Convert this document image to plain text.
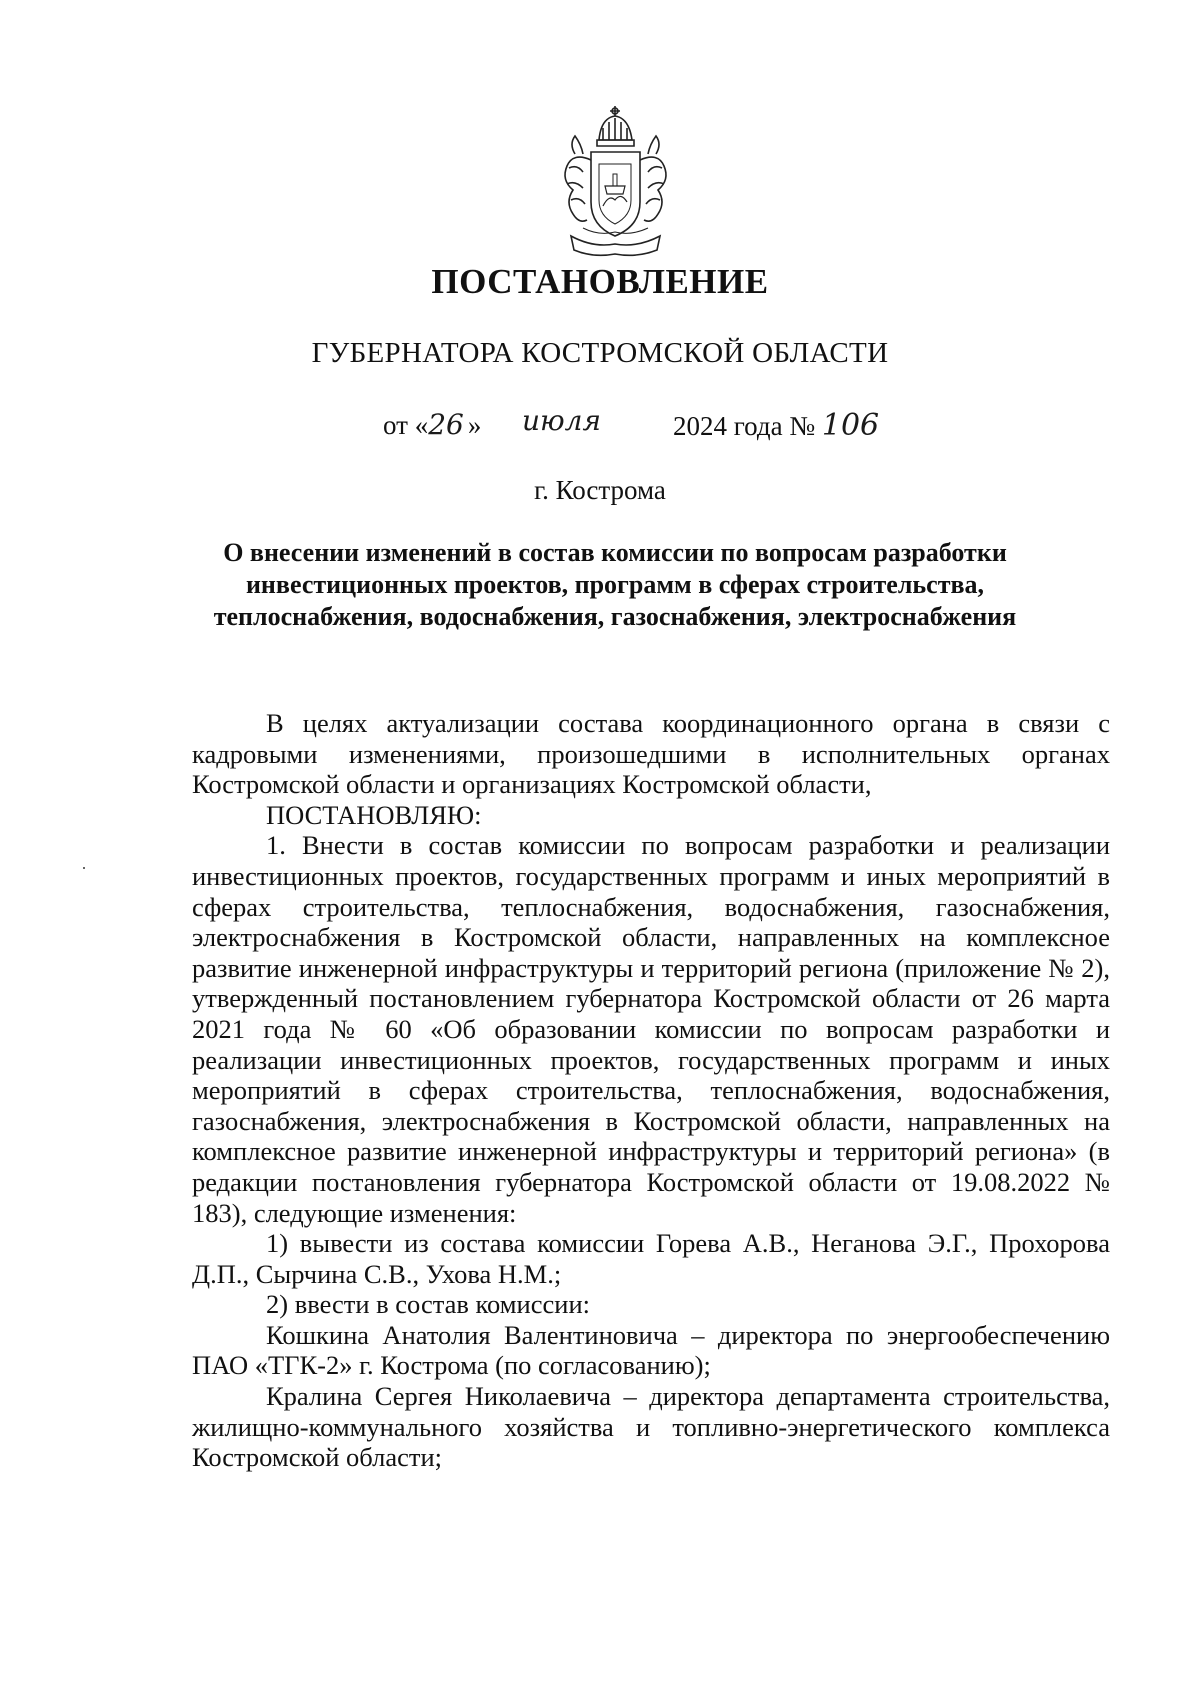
ПОСТАНОВЛЕНИЕ
ГУБЕРНАТОРА КОСТРОМСКОЙ ОБЛАСТИ
от «26 » июля	2024 года № 106
г. Кострома
О внесении изменений в состав комиссии по вопросам разработки инвестиционных проектов, программ в сферах строительства, теплоснабжения, водоснабжения, газоснабжения, электроснабжения

В целях актуализации состава координационного органа в связи с кадровыми изменениями, произошедшими в исполнительных органах Костромской области и организациях Костромской области,

ПОСТАНОВЛЯЮ:

1. Внести в состав комиссии по вопросам разработки и реализации инвестиционных проектов, государственных программ и иных мероприятий в сферах строительства, теплоснабжения, водоснабжения, газоснабжения, электроснабжения в Костромской области, направленных на комплексное развитие инженерной инфраструктуры и территорий региона (приложение № 2), утвержденный постановлением губернатора Костромской области от 26 марта 2021 года № 60 «Об образовании комиссии по вопросам разработки и реализации инвестиционных проектов, государственных программ и иных мероприятий в сферах строительства, теплоснабжения, водоснабжения, газоснабжения, электроснабжения в Костромской области, направленных на комплексное развитие инженерной инфраструктуры и территорий региона» (в редакции постановления губернатора Костромской области от 19.08.2022 № 183), следующие изменения:

1) вывести из состава комиссии Горева А.В., Неганова Э.Г., Прохорова Д.П., Сырчина С.В., Ухова Н.М.;

2) ввести в состав комиссии:

Кошкина Анатолия Валентиновича – директора по энергообеспечению ПАО «ТГК-2» г. Кострома (по согласованию);

Кралина Сергея Николаевича – директора департамента строительства, жилищно-коммунального хозяйства и топливно-энергетического комплекса Костромской области;
